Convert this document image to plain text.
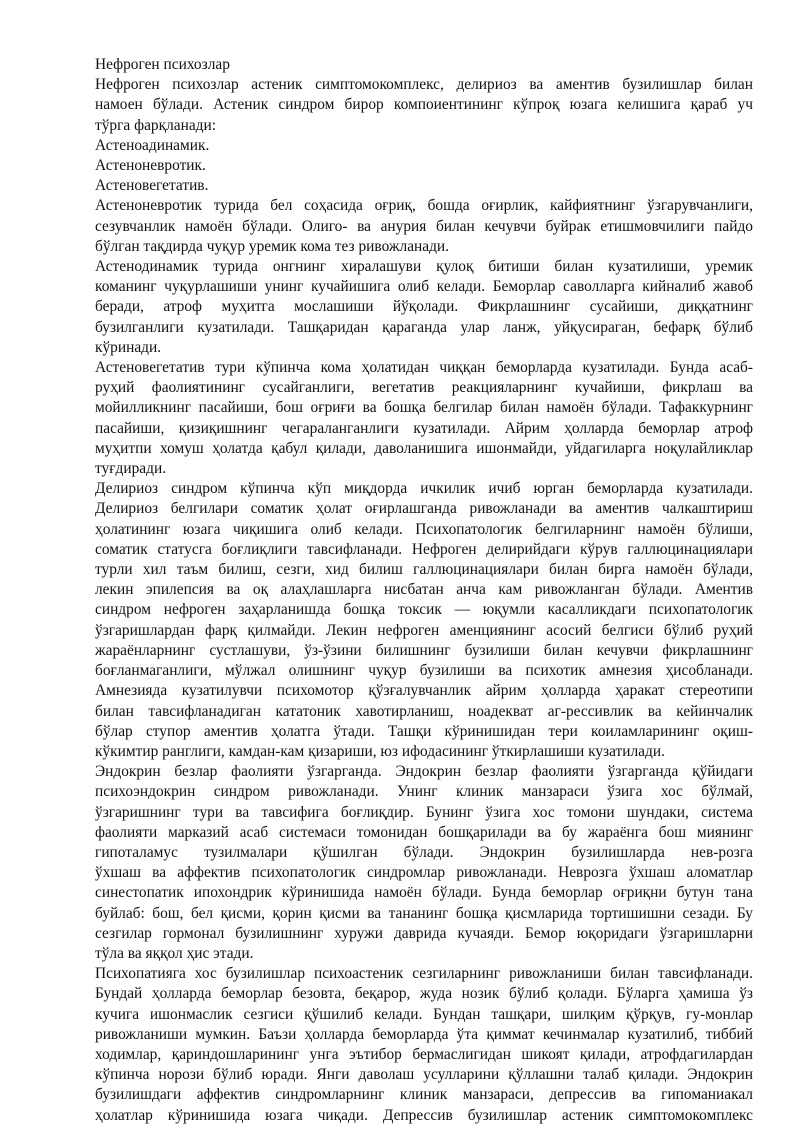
Нефроген психозлар
Нефроген психозлар астеник симптомокомплекс, делириоз ва аментив бузилишлар билан
намоен бўлади. Астеник синдром бирор компоиентининг кўпроқ юзага келишига қараб уч
тўрга фарқланади:
Астеноадинамик.
Астеноневротик.
Астеновегетатив.
Астеноневротик турида бел соҳасида оғриқ, бошда оғирлик, кайфиятнинг ўзгарувчанлиги,
сезувчанлик намоён бўлади. Олиго- ва анурия билан кечувчи буйрак етишмовчилиги пайдо
бўлган тақдирда чуқур уремик кома тез ривожланади.
Астенодинамик турида онгнинг хиралашуви қулоқ битиши билан кузатилиши, уремик
команинг чуқурлашиши унинг кучайишига олиб келади. Беморлар саволларга кийналиб жавоб
беради, атроф муҳитга мослашиши йўқолади. Фикрлашнинг сусайиши, диққатнинг
бузилганлиги кузатилади. Ташқаридан қараганда улар ланж, уйқусираган, бефарқ бўлиб
кўринади.
Астеновегетатив тури кўпинча кома ҳолатидан чиққан беморларда кузатилади. Бунда асаб-
руҳий фаолиятининг сусайганлиги, вегетатив реакцияларнинг кучайиши, фикрлаш ва
мойилликнинг пасайиши, бош оғриғи ва бошқа белгилар билан намоён бўлади. Тафаккурнинг
пасайиши, қизиқишнинг чегараланганлиги кузатилади. Айрим ҳолларда беморлар атроф
муҳитпи хомуш ҳолатда қабул қилади, даволанишига ишонмайди, уйдагиларга ноқулайликлар
туғдиради.
Делириоз синдром кўпинча кўп миқдорда ичкилик ичиб юрган беморларда кузатилади.
Делириоз белгилари соматик ҳолат оғирлашганда ривожланади ва аментив чалкаштириш
ҳолатининг юзага чиқишига олиб келади. Психопатологик белгиларнинг намоён бўлиши,
соматик статусга боғлиқлиги тавсифланади. Нефроген делирийдаги кўрув галлюцинациялари
турли хил таъм билиш, сезги, хид билиш галлюцинациялари билан бирга намоён бўлади,
лекин эпилепсия ва оқ алаҳлашларга нисбатан анча кам ривожланган бўлади. Аментив
синдром нефроген заҳарланишда бошқа токсик — юқумли касалликдаги психопатологик
ўзгаришлардан фарқ қилмайди. Лекин нефроген аменциянинг асосий белгиси бўлиб руҳий
жараёнларнинг сустлашуви, ўз-ўзини билишнинг бузилиши билан кечувчи фикрлашнинг
боғланмаганлиги, мўлжал олишнинг чуқур бузилиши ва психотик амнезия ҳисобланади.
Амнезияда кузатилувчи психомотор қўзғалувчанлик айрим ҳолларда ҳаракат стереотипи
билан тавсифланадиган кататоник хавотирланиш, ноадекват аг-рессивлик ва кейинчалик
бўлар ступор аментив ҳолатга ўтади. Ташқи кўринишидан тери коиламларининг оқиш-
кўкимтир ранглиги, камдан-кам қизариши, юз ифодасининг ўткирлашиши кузатилади.
Эндокрин безлар фаолияти ўзгарганда. Эндокрин безлар фаолияти ўзгарганда қўйидаги
психоэндокрин синдром ривожланади. Унинг клиник манзараси ўзига хос бўлмай,
ўзгаришнинг тури ва тавсифига боғлиқдир. Бунинг ўзига хос томони шундаки, система
фаолияти марказий асаб системаси томонидан бошқарилади ва бу жараёнга бош миянинг
гипоталамус тузилмалари қўшилган бўлади. Эндокрин бузилишларда нев-розга
ўхшаш ва аффектив психопатологик синдромлар ривожланади. Неврозга ўхшаш аломатлар
синестопатик ипохондрик кўринишида намоён бўлади. Бунда беморлар оғриқни бутун тана
буйлаб: бош, бел қисми, қорин қисми ва тананинг бошқа қисмларида тортишишни сезади. Бу
сезгилар гормонал бузилишнинг хуружи даврида кучаяди. Бемор юқоридаги ўзгаришларни
тўла ва яққол ҳис этади.
Психопатияга хос бузилишлар психоастеник сезгиларнинг ривожланиши билан тавсифланади.
Бундай ҳолларда беморлар безовта, беқарор, жуда нозик бўлиб қолади. Бўларга ҳамиша ўз
кучига ишонмаслик сезгиси қўшилиб келади. Бундан ташқари, шилқим қўрқув, гу-монлар
ривожланиши мумкин. Баъзи ҳолларда беморларда ўта қиммат кечинмалар кузатилиб, тиббий
ходимлар, қариндошларининг унга эътибор бермаслигидан шикоят қилади, атрофдагилардан
кўпинча норози бўлиб юради. Янги даволаш усулларини қўллашни талаб қилади. Эндокрин
бузилишдаги аффектив синдромларнинг клиник манзараси, депрессив ва гипоманиакал
ҳолатлар кўринишида юзага чиқади. Депрессив бузилишлар астеник симптомокомплекс
